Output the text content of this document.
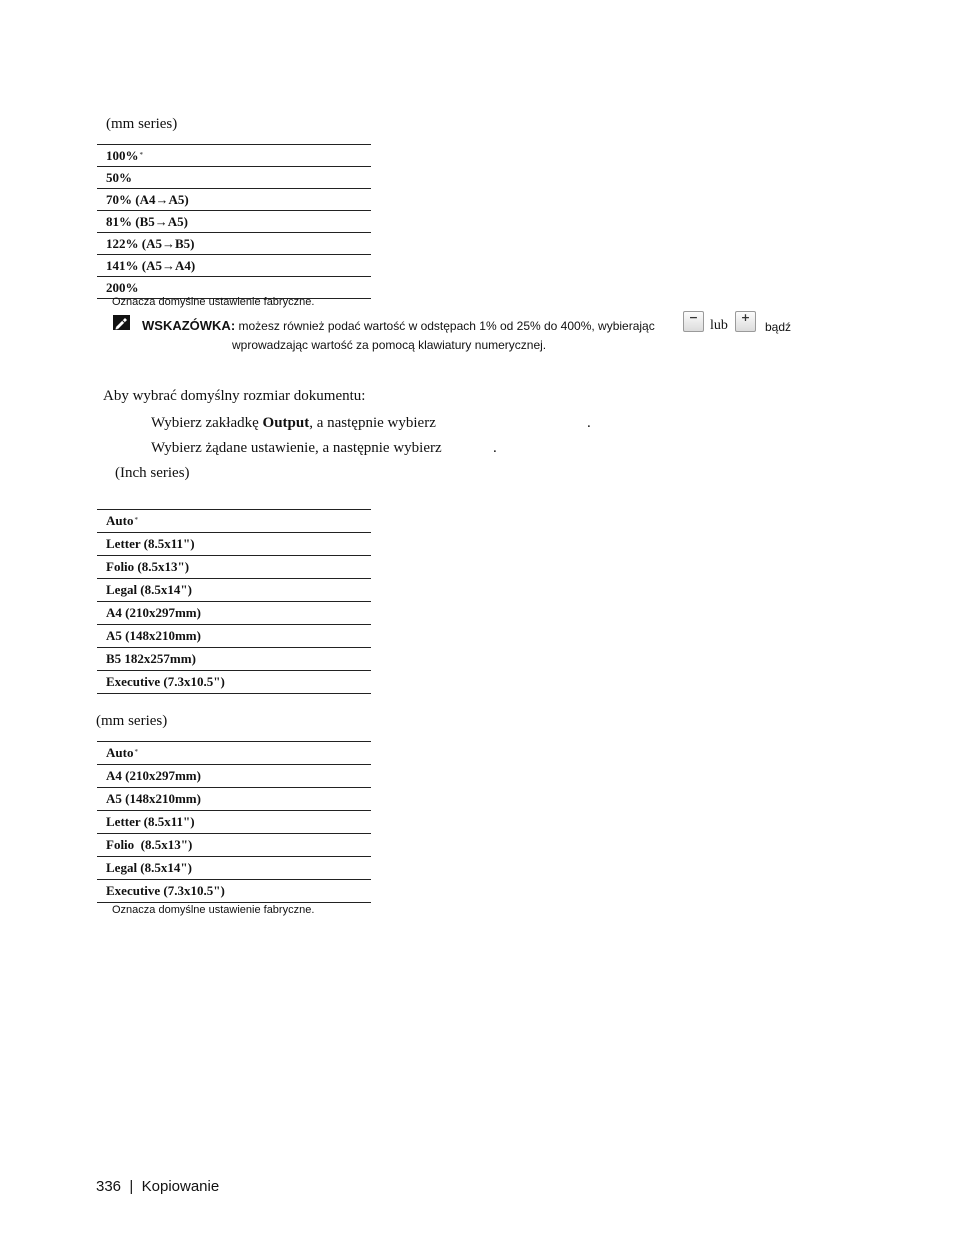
(mm series)
100%*
50%
70% (A4→A5)
81% (B5→A5)
122% (A5→B5)
141% (A5→A4)
200%
Oznacza domyślne ustawienie fabryczne.
WSKAZÓWKA: możesz również podać wartość w odstępach 1% od 25% do 400%, wybierając
−
lub
+
bądź
wprowadzając wartość za pomocą klawiatury numerycznej.
Aby wybrać domyślny rozmiar dokumentu:
Wybierz zakładkę Output, a następnie wybierz	.
Wybierz żądane ustawienie, a następnie wybierz	.
(Inch series)
Auto*
Letter (8.5x11")
Folio (8.5x13")
Legal (8.5x14")
A4 (210x297mm)
A5 (148x210mm)
B5 182x257mm)
Executive (7.3x10.5")
(mm series)
Auto*
A4 (210x297mm)
A5 (148x210mm)
Letter (8.5x11")
Folio  (8.5x13")
Legal (8.5x14")
Executive (7.3x10.5")
Oznacza domyślne ustawienie fabryczne.
336 | Kopiowanie
